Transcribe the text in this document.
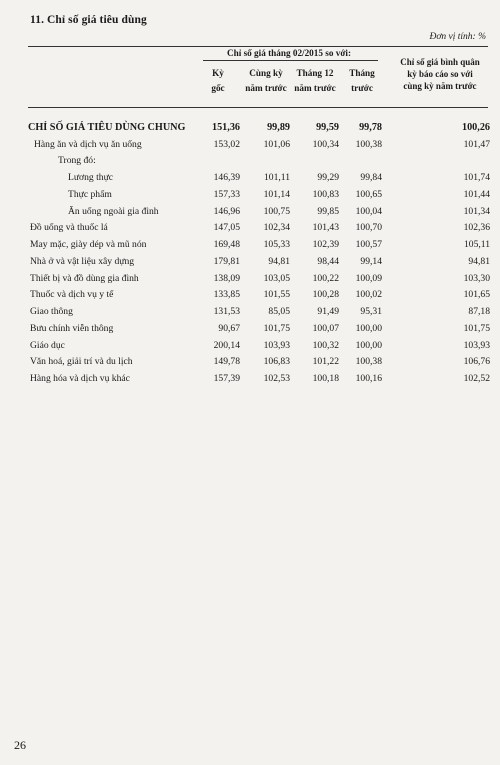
11. Chỉ số giá tiêu dùng
Đơn vị tính: %
Chỉ số giá tháng 02/2015 so với:
Kỳ
gốc
Cùng kỳ
năm trước
Tháng 12
năm trước
Tháng
trước
Chỉ số giá bình quân
kỳ báo cáo so với
cùng kỳ năm trước
CHỈ SỐ GIÁ TIÊU DÙNG CHUNG	151,36	99,89	99,59	99,78	100,26
Hàng ăn và dịch vụ ăn uống	153,02	101,06	100,34	100,38	101,47
Trong đó:
Lương thực	146,39	101,11	99,29	99,84	101,74
Thực phẩm	157,33	101,14	100,83	100,65	101,44
Ăn uống ngoài gia đình	146,96	100,75	99,85	100,04	101,34
Đồ uống và thuốc lá	147,05	102,34	101,43	100,70	102,36
May mặc, giày dép và mũ nón	169,48	105,33	102,39	100,57	105,11
Nhà ở và vật liệu xây dựng	179,81	94,81	98,44	99,14	94,81
Thiết bị và đồ dùng gia đình	138,09	103,05	100,22	100,09	103,30
Thuốc và dịch vụ y tế	133,85	101,55	100,28	100,02	101,65
Giao thông	131,53	85,05	91,49	95,31	87,18
Bưu chính viễn thông	90,67	101,75	100,07	100,00	101,75
Giáo dục	200,14	103,93	100,32	100,00	103,93
Văn hoá, giải trí và du lịch	149,78	106,83	101,22	100,38	106,76
Hàng hóa và dịch vụ khác	157,39	102,53	100,18	100,16	102,52
26
